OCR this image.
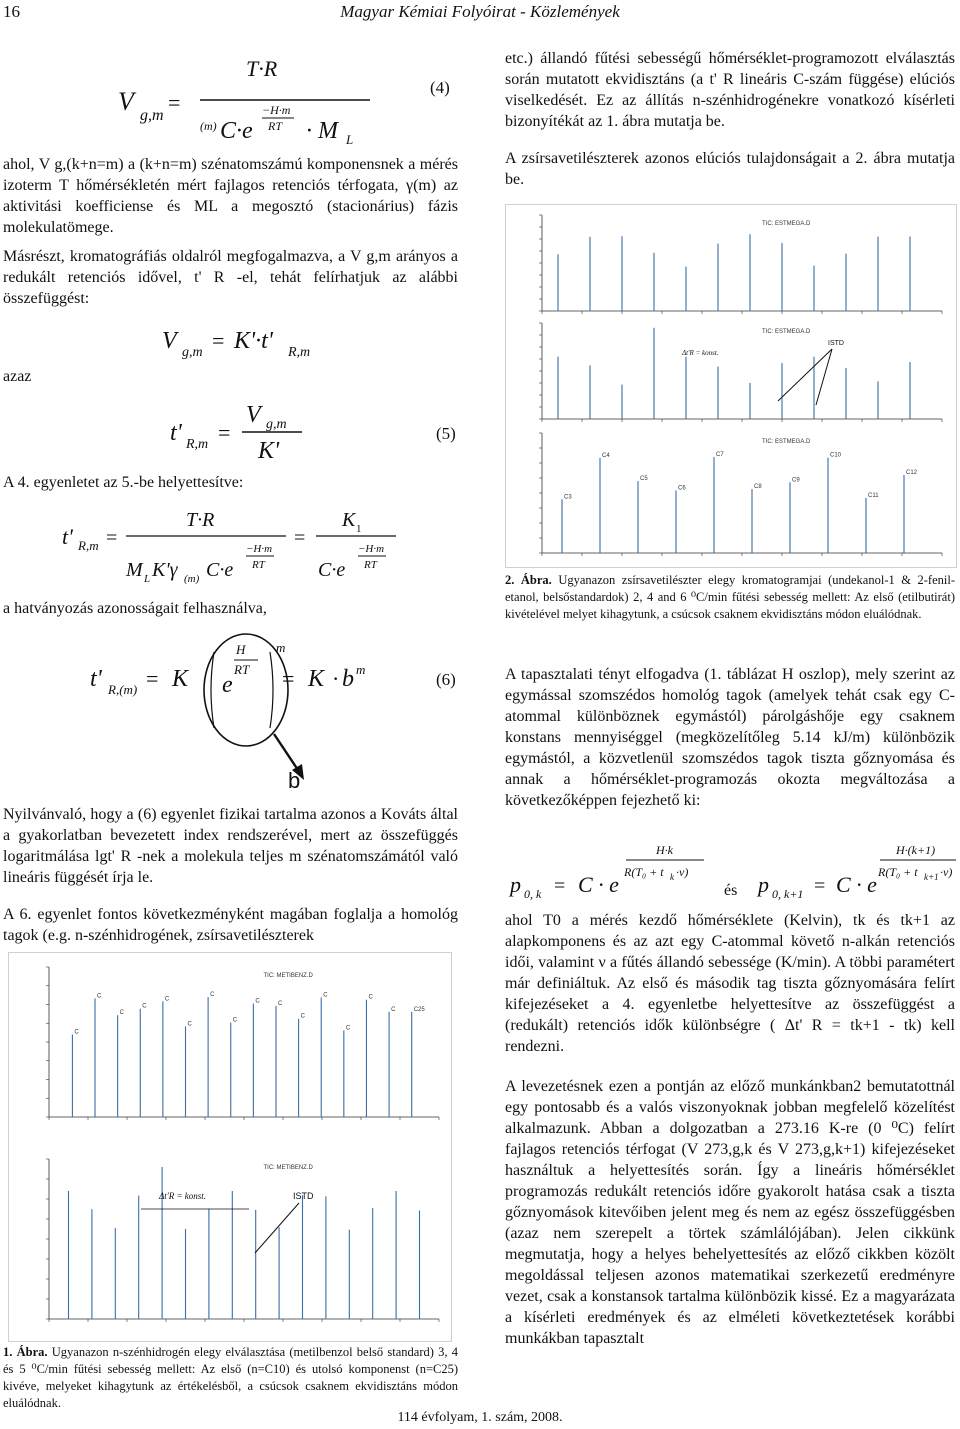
16	Magyar Kémiai Folyóirat - Közlemények
V g,m
=
T·R
(m) C·e
−H·m
RT · M L
(4)
ahol, V g,(k+n=m) a (k+n=m) szénatomszámú komponensnek a mérés izoterm T hőmérsékletén mért fajlagos retenciós térfogata, γ(m) az aktivitási koefficiense és ML a megosztó (stacionárius) fázis molekulatömege.
Másrészt, kromatográfiás oldalról megfogalmazva, a V g,m arányos a redukált retenciós idővel, t' R -el, tehát felírhatjuk az alábbi összefüggést:
V g,m = K'·t' R,m
azaz
t' R,m =
V g,m
K'
(5)
A 4. egyenletet az 5.-be helyettesítve:
t' R,m =
T·R
M L K'γ (m) C·e
−H·m
RT
=
K 1
C·e
−H·m
RT
a hatványozás azonosságait felhasználva,
t' R,(m) = K e
H
RT
m
= K · b m
b
(6)
Nyilvánvaló, hogy a (6) egyenlet fizikai tartalma azonos a Kováts által a gyakorlatban bevezetett index rendszerével, mert az összefüggés logaritmálása lgt' R -nek a molekula teljes m szénatomszámától való lineáris függését írja le.
A 6. egyenlet fontos következményként magában foglalja a homológ tagok (e.g. n-szénhidrogének, zsírsavetilészterek
TIC: METIBENZ.D
C
C
C
C
C
C
C
C
C	C
C
C
C
C
C	C25
TIC: METIBENZ.D
Δt'R = konst.	ISTD
1. Ábra. Ugyanazon n-szénhidrogén elegy elválasztása (metilbenzol belső standard) 3, 4 és 5 ⁰C/min fűtési sebesség mellett: Az első (n=C10) és utolsó komponenst (n=C25) kivéve, melyeket kihagytunk az értékelésből, a csúcsok csaknem ekvidisztáns módon eluálódnak.
etc.) állandó fűtési sebességű hőmérséklet-programozott elválasztás során mutatott ekvidisztáns (a t' R lineáris C-szám függése) elúciós viselkedését. Ez az állítás n-szénhidrogénekre vonatkozó kísérleti bizonyítékát az 1. ábra mutatja be.
A zsírsavetilészterek azonos elúciós tulajdonságait a 2. ábra mutatja be.
TIC: ESTMEGA.D
TIC: ESTMEGA.D
Δt'R = konst.
ISTD
TIC: ESTMEGA.D
C3
C4
C5
C6
C7
C8
C9
C10
C11
C12
2. Ábra. Ugyanazon zsírsavetilészter elegy kromatogramjai (undekanol-1 & 2-fenil-etanol, belsőstandardok) 2, 4 and 6 ⁰C/min fűtési sebesség mellett: Az első (etilbutirát) kivételével melyet kihagytunk, a csúcsok csaknem ekvidisztáns módon eluálódnak.
A tapasztalati tényt elfogadva (1. táblázat H oszlop), mely szerint az egymással szomszédos homológ tagok (amelyek tehát csak egy C-atommal különböznek egymástól) párolgáshője egy csaknem konstans mennyiséggel (megközelítőleg 5.14 kJ/m) különbözik egymástól, a közvetlenül szomszédos tagok tiszta gőznyomása és annak a hőmérséklet-programozás okozta megváltozása a következőképpen fejezhető ki:
p 0, k = C · e
H·k
R(T₀ + t k ·ν)
és p 0, k+1 = C · e
H·(k+1)
R(T₀ + t k+1 ·ν)
ahol T0 a mérés kezdő hőmérséklete (Kelvin), tk és tk+1 az alapkomponens és az azt egy C-atommal követő n-alkán retenciós idői, valamint ν a fűtés állandó sebessége (K/min). A többi paramétert már definiáltuk. Az első és második tag tiszta gőznyomására felírt kifejezéseket a 4. egyenletbe helyettesítve az összefüggést a (redukált) retenciós idők különbségre ( Δt' R = tk+1 - tk) kell rendezni.
A levezetésnek ezen a pontján az előző munkánkban2 bemutatottnál egy pontosabb és a valós viszonyoknak jobban megfelelő közelítést alkalmazunk. Abban a dolgozatban a 273.16 K-re (0 ⁰C) felírt fajlagos retenciós térfogat (V 273,g,k és V 273,g,k+1) kifejezéseket használtuk a helyettesítés során. Így a lineáris hőmérséklet programozás redukált retenciós időre gyakorolt hatása csak a tiszta gőznyomások kitevőiben jelent meg és nem az egész összefüggésben (azaz nem szerepelt a törtek számlálójában). Jelen cikkünk megmutatja, hogy a helyes behelyettesítés az előző cikkben közölt megoldással teljesen azonos matematikai szerkezetű eredményre vezet, csak a konstansok tartalma különbözik kissé. Ez a magyarázata a kísérleti eredmények és az elméleti következtetések korábbi munkákban tapasztalt
114 évfolyam, 1. szám, 2008.
